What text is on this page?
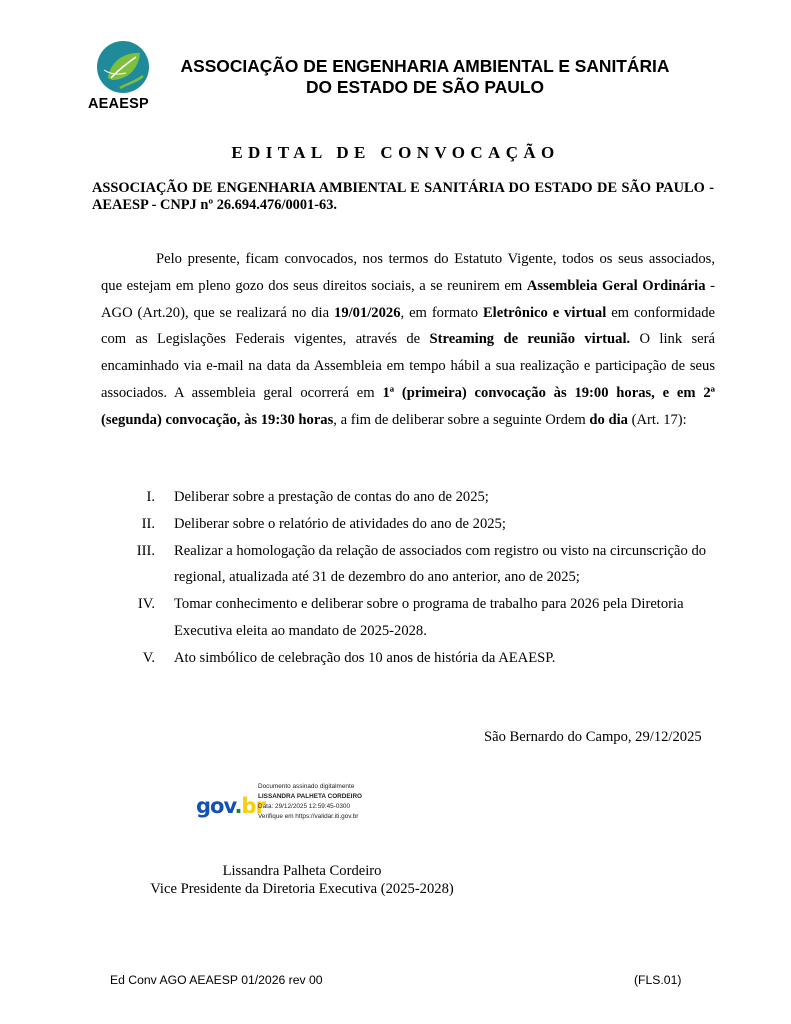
AEAESP
ASSOCIAÇÃO DE ENGENHARIA AMBIENTAL E SANITÁRIA
DO ESTADO DE SÃO PAULO
EDITAL DE CONVOCAÇÃO
ASSOCIAÇÃO DE ENGENHARIA AMBIENTAL E SANITÁRIA DO ESTADO DE SÃO PAULO - AEAESP - CNPJ nº 26.694.476/0001-63.

Pelo presente, ficam convocados, nos termos do Estatuto Vigente, todos os seus associados, que estejam em pleno gozo dos seus direitos sociais, a se reunirem em Assembleia Geral Ordinária - AGO (Art.20), que se realizará no dia 19/01/2026, em formato Eletrônico e virtual em conformidade com as Legislações Federais vigentes, através de Streaming de reunião virtual. O link será encaminhado via e-mail na data da Assembleia em tempo hábil a sua realização e participação de seus associados. A assembleia geral ocorrerá em 1ª (primeira) convocação às 19:00 horas, e em 2ª (segunda) convocação, às 19:30 horas, a fim de deliberar sobre a seguinte Ordem do dia (Art. 17):

I. Deliberar sobre a prestação de contas do ano de 2025;
II. Deliberar sobre o relatório de atividades do ano de 2025;
III. Realizar a homologação da relação de associados com registro ou visto na circunscrição do regional, atualizada até 31 de dezembro do ano anterior, ano de 2025;
IV. Tomar conhecimento e deliberar sobre o programa de trabalho para 2026 pela Diretoria Executiva eleita ao mandato de 2025-2028.
V. Ato simbólico de celebração dos 10 anos de história da AEAESP.
São Bernardo do Campo, 29/12/2025
gov.br
Documento assinado digitalmente
LISSANDRA PALHETA CORDEIRO
Data: 29/12/2025 12:59:45-0300
Verifique em https://validar.iti.gov.br
Lissandra Palheta Cordeiro
Vice Presidente da Diretoria Executiva (2025-2028)
Ed Conv AGO AEAESP 01/2026 rev 00	(FLS.01)
